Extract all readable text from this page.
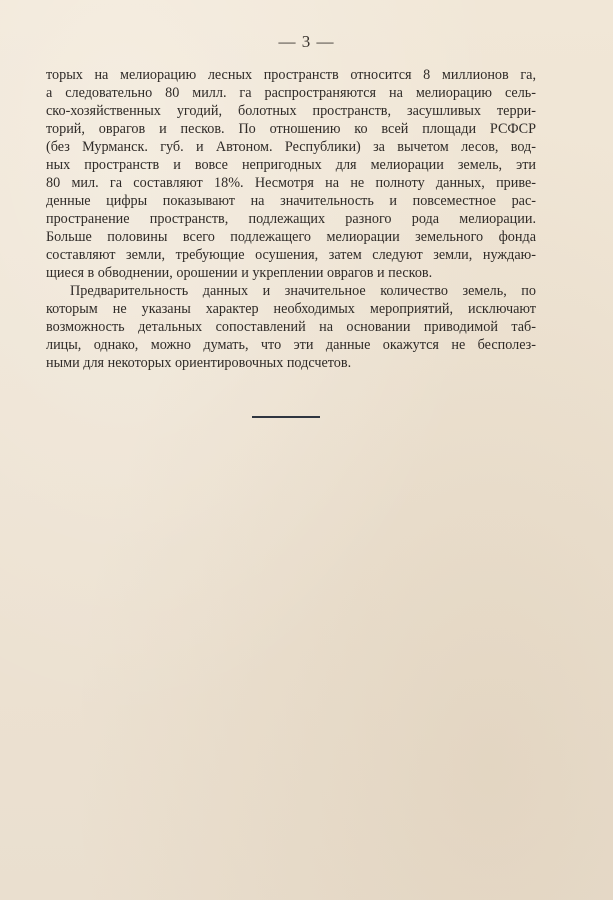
— 3 —
торых на мелиорацию лесных пространств относится 8 миллионов га,
а следовательно 80 милл. га распространяются на мелиорацию сель-
ско-хозяйственных угодий, болотных пространств, засушливых терри-
торий, оврагов и песков. По отношению ко всей площади РСФСР
(без Мурманск. губ. и Автоном. Республики) за вычетом лесов, вод-
ных пространств и вовсе непригодных для мелиорации земель, эти
80 мил. га составляют 18%. Несмотря на не полноту данных, приве-
денные цифры показывают на значительность и повсеместное рас-
пространение пространств, подлежащих разного рода мелиорации.
Больше половины всего подлежащего мелиорации земельного фонда
составляют земли, требующие осушения, затем следуют земли, нуждаю-
щиеся в обводнении, орошении и укреплении оврагов и песков.
Предварительность данных и значительное количество земель, по
которым не указаны характер необходимых мероприятий, исключают
возможность детальных сопоставлений на основании приводимой таб-
лицы, однако, можно думать, что эти данные окажутся не бесполез-
ными для некоторых ориентировочных подсчетов.
